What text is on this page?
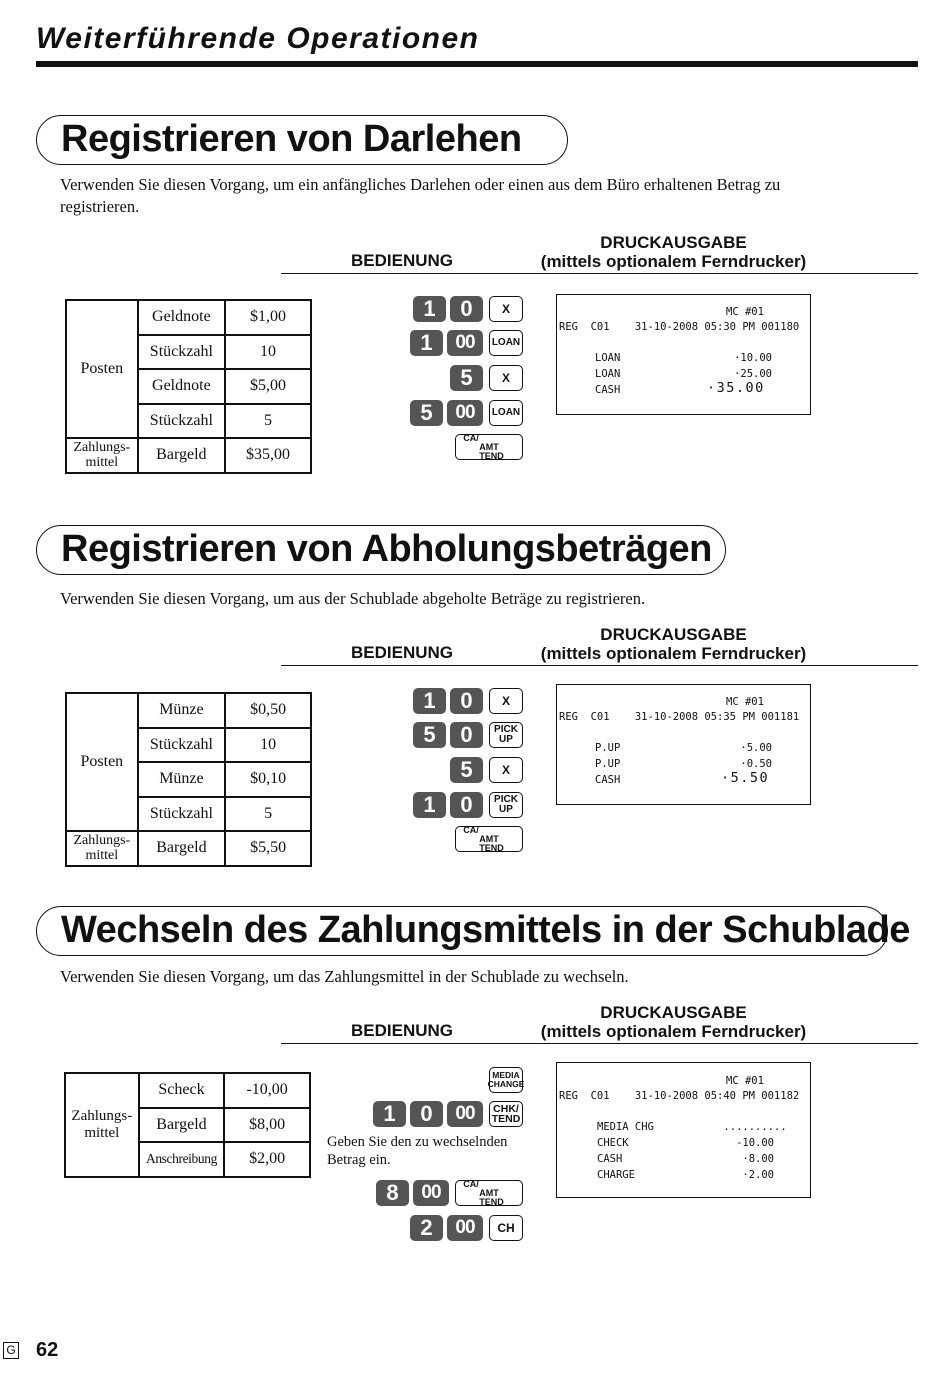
Weiterführende Operationen
Registrieren von Darlehen
Verwenden Sie diesen Vorgang, um ein anfängliches Darlehen oder einen aus dem Büro erhaltenen Betrag zu
registrieren.
BEDIENUNG
DRUCKAUSGABE
(mittels optionalem Ferndrucker)
Posten	Geldnote	$1,00
	Stückzahl	10
	Geldnote	$5,00
	Stückzahl	5

Zahlungs-
mittel	Bargeld	$35,00
1	0	X
1	00	LOAN
5	X
5	00	LOAN
CA/
AMT
TEND
MC #01
REG  C01    31-10-2008 05:30 PM 001180
LOAN                  ·10.00
LOAN                  ·25.00
CASH	·35.00
Registrieren von Abholungsbeträgen
Verwenden Sie diesen Vorgang, um aus der Schublade abgeholte Beträge zu registrieren.
BEDIENUNG
DRUCKAUSGABE
(mittels optionalem Ferndrucker)
Posten	Münze	$0,50
	Stückzahl	10
	Münze	$0,10
	Stückzahl	5

Zahlungs-
mittel	Bargeld	$5,50
1	0	X
5	0	PICK
UP
5	X
1	0	PICK
UP
CA/
AMT
TEND
MC #01
REG  C01    31-10-2008 05:35 PM 001181
P.UP                   ·5.00
P.UP                   ·0.50
CASH	·5.50
Wechseln des Zahlungsmittels in der Schublade
Verwenden Sie diesen Vorgang, um das Zahlungsmittel in der Schublade zu wechseln.
BEDIENUNG
DRUCKAUSGABE
(mittels optionalem Ferndrucker)
Zahlungs-
mittel	Scheck	-10,00
	Bargeld	$8,00
	Anschreibung	$2,00
MEDIA
CHANGE
1	0	00	CHK/
TEND
Geben Sie den zu wechselnden
Betrag ein.
8	00	CA/
AMT
TEND
2	00	CH
MC #01
REG  C01    31-10-2008 05:40 PM 001182
MEDIA CHG           ..........
CHECK                 -10.00
CASH                   ·8.00
CHARGE                 ·2.00
G 62
